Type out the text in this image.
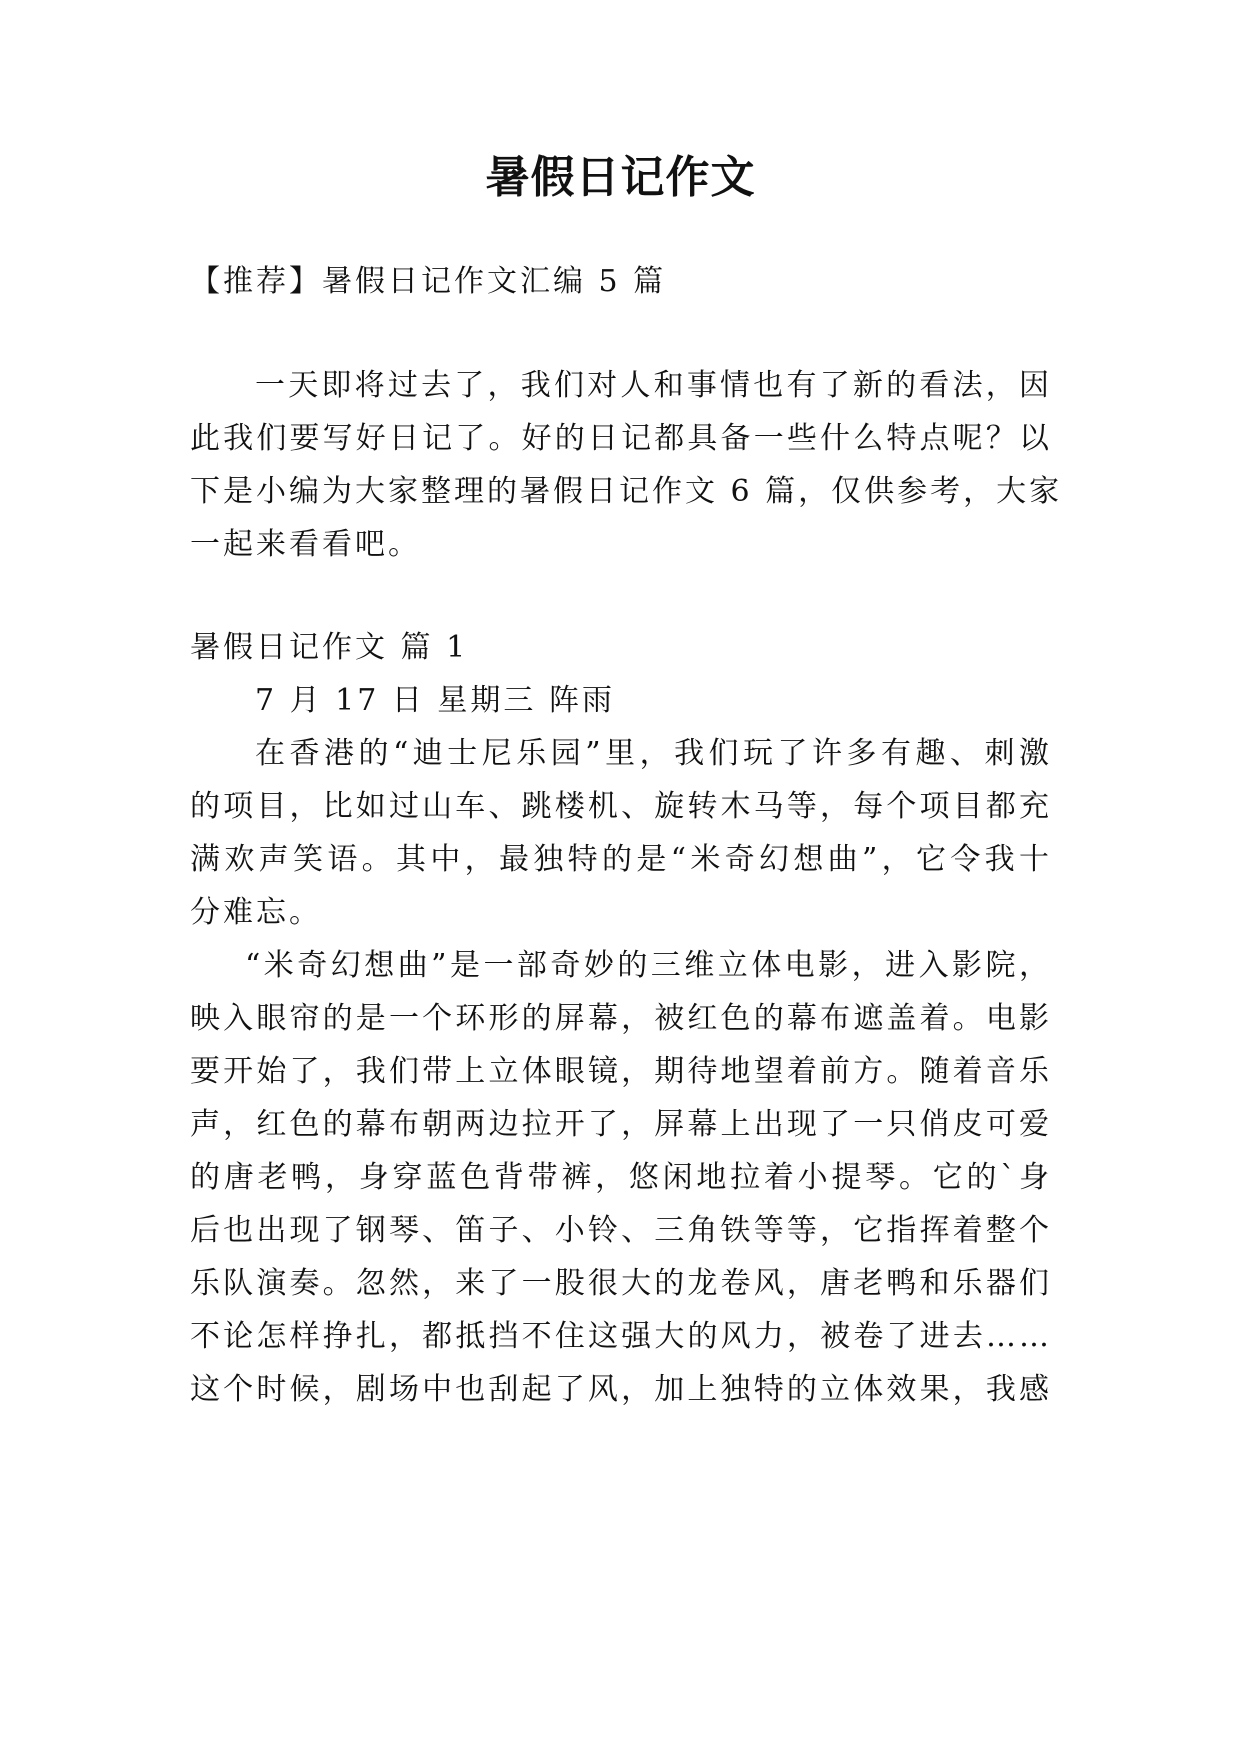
暑假日记作文
【推荐】暑假日记作文汇编 5 篇
一天即将过去了，我们对人和事情也有了新的看法，因
此我们要写好日记了。好的日记都具备一些什么特点呢？以
下是小编为大家整理的暑假日记作文 6 篇，仅供参考，大家
一起来看看吧。
暑假日记作文 篇 1
7 月 17 日 星期三 阵雨
在香港的“迪士尼乐园”里，我们玩了许多有趣、刺激
的项目，比如过山车、跳楼机、旋转木马等，每个项目都充
满欢声笑语。其中，最独特的是“米奇幻想曲”，它令我十
分难忘。
“米奇幻想曲”是一部奇妙的三维立体电影，进入影院，
映入眼帘的是一个环形的屏幕，被红色的幕布遮盖着。电影
要开始了，我们带上立体眼镜，期待地望着前方。随着音乐
声，红色的幕布朝两边拉开了，屏幕上出现了一只俏皮可爱
的唐老鸭，身穿蓝色背带裤，悠闲地拉着小提琴。它的`身
后也出现了钢琴、笛子、小铃、三角铁等等，它指挥着整个
乐队演奏。忽然，来了一股很大的龙卷风，唐老鸭和乐器们
不论怎样挣扎，都抵挡不住这强大的风力，被卷了进去……
这个时候，剧场中也刮起了风，加上独特的立体效果，我感
